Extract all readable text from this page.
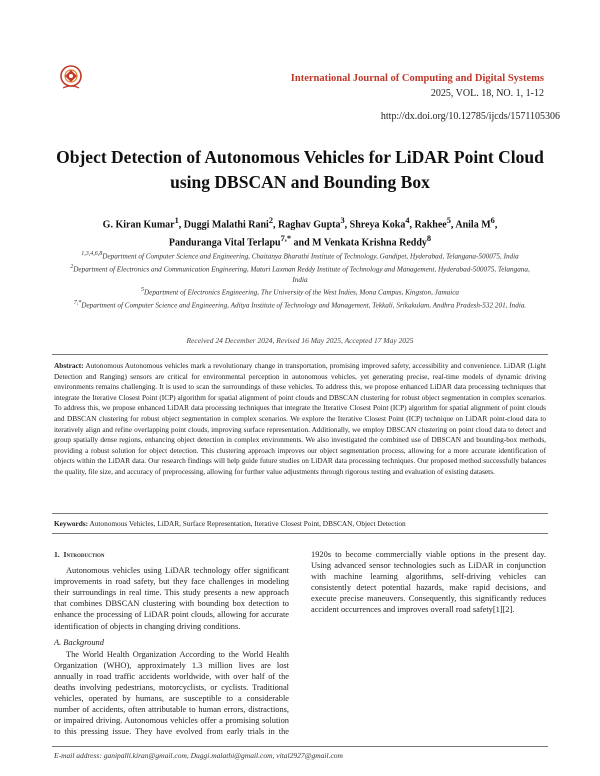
International Journal of Computing and Digital Systems
2025, VOL. 18, NO. 1, 1-12
http://dx.doi.org/10.12785/ijcds/1571105306
Object Detection of Autonomous Vehicles for LiDAR Point Cloud using DBSCAN and Bounding Box
G. Kiran Kumar$^1$, Duggi Malathi Rani$^2$, Raghav Gupta$^3$, Shreya Koka$^4$, Rakhee$^5$, Anila $M^6$,
Panduranga Vital Terlapu$^{7,*}$ and M Venkata Krishna Reddy$^8$

$^{1,3,4,6,8}$Department of Computer Science and Engineering, Chaitanya Bharathi Institute of Technology, Gandipet, Hyderabad, Telangana-500075, India

$^2$Department of Electronics and Communication Engineering, Maturi Laxman Reddy Institute of Technology and Management, Hyderabad-500075, Telangana, India

$^5$Department of Electronics Engineering, The University of the West Indies, Mona Campus, Kingston, Jamaica

$^{7,*}$Department of Computer Science and Engineering, Aditya Institute of Technology and Management, Tekkali, Srikakulam, Andhra Pradesh-532 201, India.

Received 24 December 2024, Revised 16 May 2025, Accepted 17 May 2025
Abstract: Autonomous Autonomous vehicles mark a revolutionary change in transportation, promising improved safety, accessibility and convenience. LiDAR (Light Detection and Ranging) sensors are critical for environmental perception in autonomous vehicles, yet generating precise, real-time models of dynamic driving environments remains challenging. It is used to scan the surroundings of these vehicles. To address this, we propose enhanced LiDAR data processing techniques that integrate the Iterative Closest Point (ICP) algorithm for spatial alignment of point clouds and DBSCAN clustering for robust object segmentation in complex scenarios. To address this, we propose enhanced LiDAR data processing techniques that integrate the Iterative Closest Point (ICP) algorithm for spatial alignment of point clouds and DBSCAN clustering for robust object segmentation in complex scenarios. We explore the Iterative Closest Point (ICP) technique on LiDAR point-cloud data to iteratively align and refine overlapping point clouds, improving surface representation. Additionally, we employ DBSCAN clustering on point cloud data to detect and group spatially dense regions, enhancing object detection in complex environments. We also investigated the combined use of DBSCAN and bounding-box methods, providing a robust solution for object detection. This clustering approach improves our object segmentation process, allowing for a more accurate identification of objects within the LiDAR data. Our research findings will help guide future studies on LiDAR data processing techniques. Our proposed method successfully balances the quality, file size, and accuracy of preprocessing, allowing for further value adjustments through rigorous testing and evaluation of existing datasets.
Keywords: Autonomous Vehicles, LiDAR, Surface Representation, Iterative Closest Point, DBSCAN, Object Detection
1. Introduction

Autonomous vehicles using LiDAR technology offer significant improvements in road safety, but they face challenges in modeling their surroundings in real time. This study presents a new approach that combines DBSCAN clustering with bounding box detection to enhance the processing of LiDAR point clouds, allowing for accurate identification of objects in changing driving conditions.

A. Background

The World Health Organization According to the World Health Organization (WHO), approximately 1.3 million lives are lost annually in road traffic accidents worldwide, with over half of the deaths involving pedestrians, motorcyclists, or cyclists. Traditional vehicles, operated by humans, are susceptible to a considerable number of accidents, often attributable to human errors, distractions, or impaired driving. Autonomous vehicles offer a promising solution to this pressing issue. They have evolved from early trials in the 1920s to become commercially viable options in the present day. Using advanced sensor technologies such as LiDAR in conjunction with machine learning algorithms, self-driving vehicles can consistently detect potential hazards, make rapid decisions, and execute precise maneuvers. Consequently, this significantly reduces accident occurrences and improves overall road safety[1][2].

E-mail address: ganipalli.kiran@gmail.com, Duggi.malathi@gmail.com, vital2927@gmail.com
